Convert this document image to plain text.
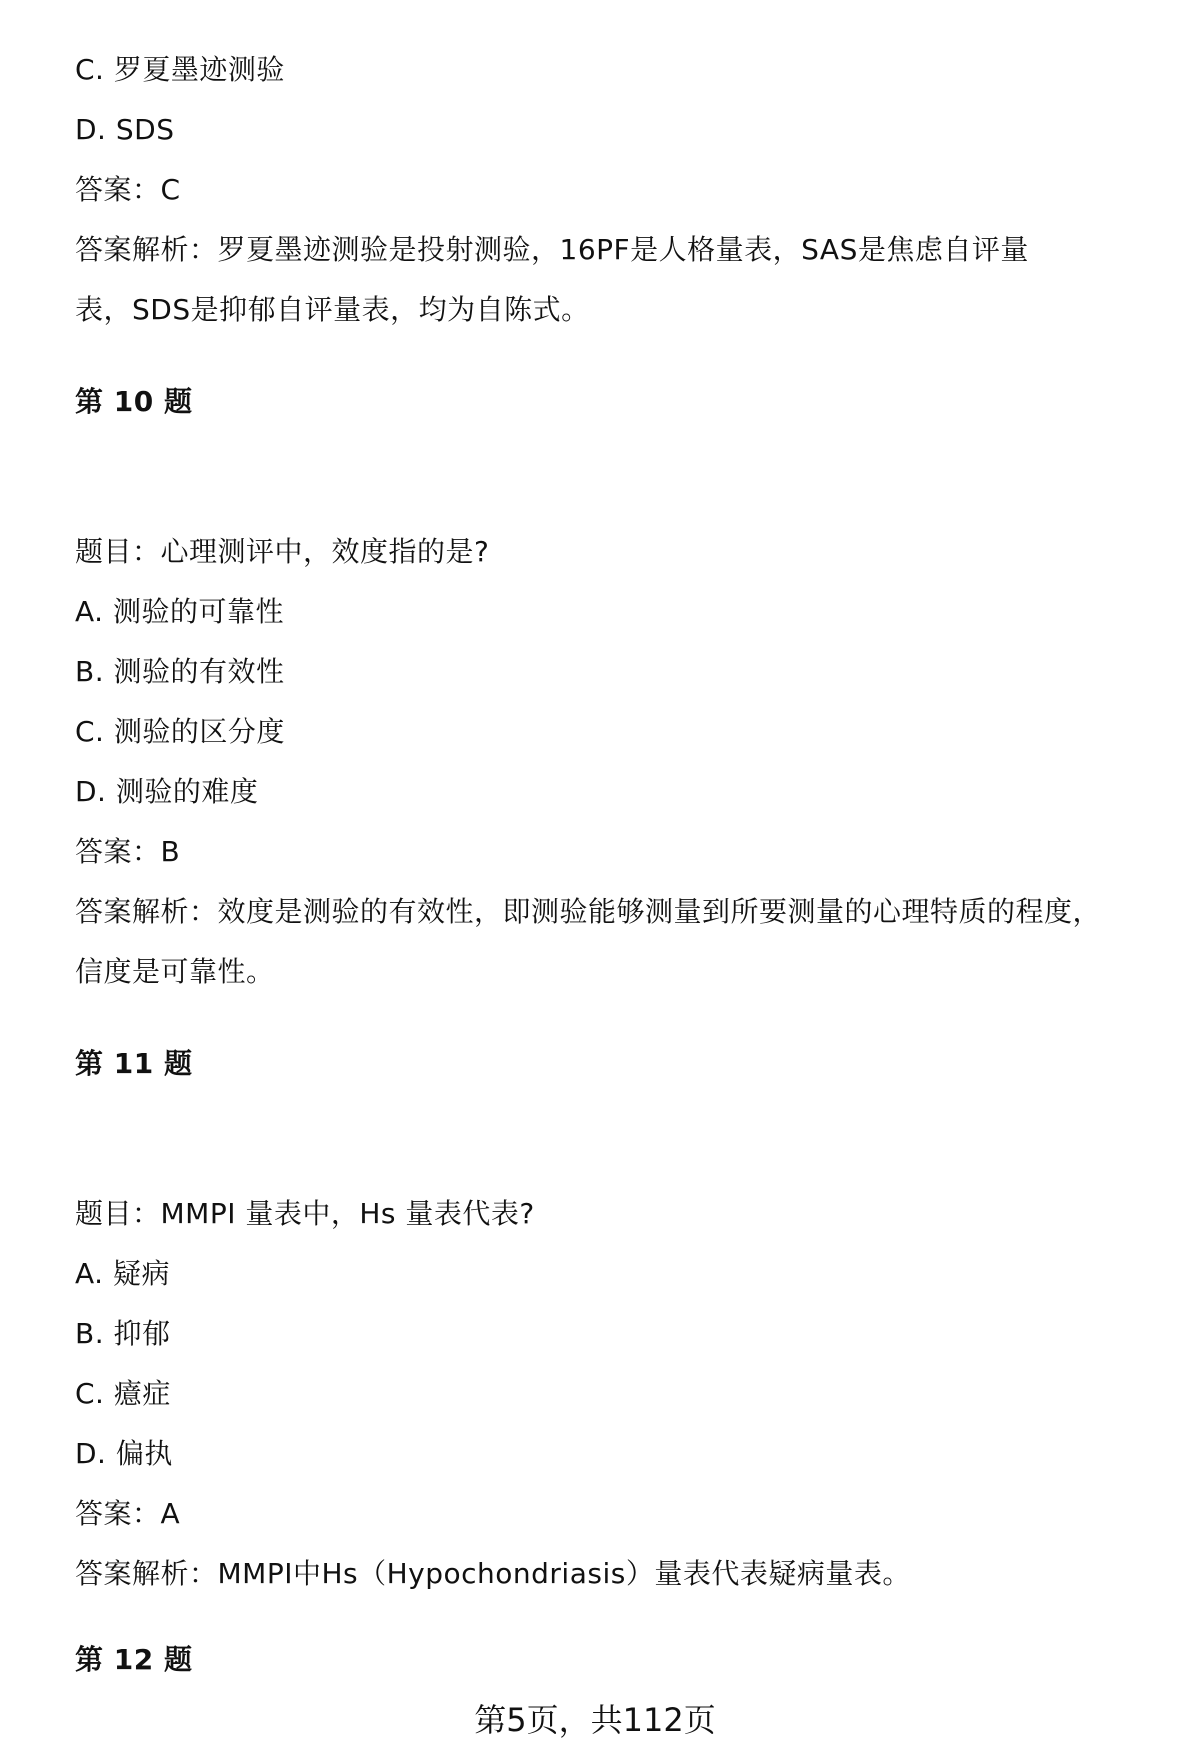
C. 罗夏墨迹测验
D. SDS
答案：C
答案解析：罗夏墨迹测验是投射测验，16PF是人格量表，SAS是焦虑自评量
表，SDS是抑郁自评量表，均为自陈式。
第 10 题
题目：心理测评中，效度指的是?
A. 测验的可靠性
B. 测验的有效性
C. 测验的区分度
D. 测验的难度
答案：B
答案解析：效度是测验的有效性，即测验能够测量到所要测量的心理特质的程度，
信度是可靠性。
第 11 题
题目：MMPI 量表中，Hs 量表代表?
A. 疑病
B. 抑郁
C. 癔症
D. 偏执
答案：A
答案解析：MMPI中Hs（Hypochondriasis）量表代表疑病量表。
第 12 题
第5页，共112页
